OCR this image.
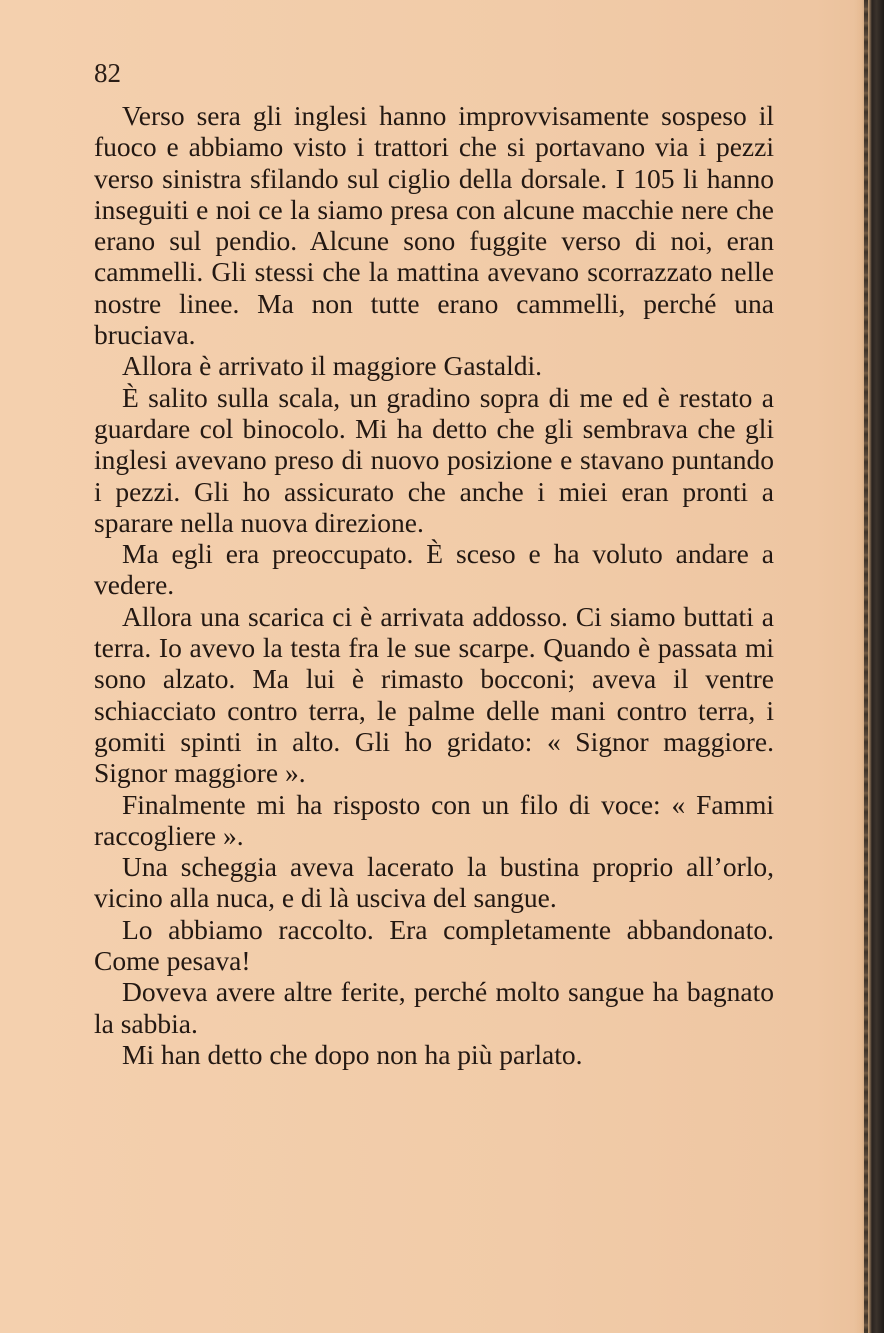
82

Verso sera gli inglesi hanno improvvisamente sospeso il fuoco e abbiamo visto i trattori che si portavano via i pezzi verso sinistra sfilando sul ciglio della dorsale. I 105 li hanno inseguiti e noi ce la siamo presa con alcune macchie nere che erano sul pendio. Alcune sono fuggite verso di noi, eran cammelli. Gli stessi che la mattina avevano scorrazzato nelle nostre linee. Ma non tutte erano cammelli, perché una bruciava.

Allora è arrivato il maggiore Gastaldi.

È salito sulla scala, un gradino sopra di me ed è restato a guardare col binocolo. Mi ha detto che gli sembrava che gli inglesi avevano preso di nuovo posizione e stavano puntando i pezzi. Gli ho assicurato che anche i miei eran pronti a sparare nella nuova direzione.

Ma egli era preoccupato. È sceso e ha voluto andare a vedere.

Allora una scarica ci è arrivata addosso. Ci siamo buttati a terra. Io avevo la testa fra le sue scarpe. Quando è passata mi sono alzato. Ma lui è rimasto bocconi; aveva il ventre schiacciato contro terra, le palme delle mani contro terra, i gomiti spinti in alto. Gli ho gridato: « Signor maggiore. Signor maggiore ».

Finalmente mi ha risposto con un filo di voce: « Fammi raccogliere ».

Una scheggia aveva lacerato la bustina proprio all’orlo, vicino alla nuca, e di là usciva del sangue.

Lo abbiamo raccolto. Era completamente abbandonato. Come pesava!

Doveva avere altre ferite, perché molto sangue ha bagnato la sabbia.

Mi han detto che dopo non ha più parlato.
